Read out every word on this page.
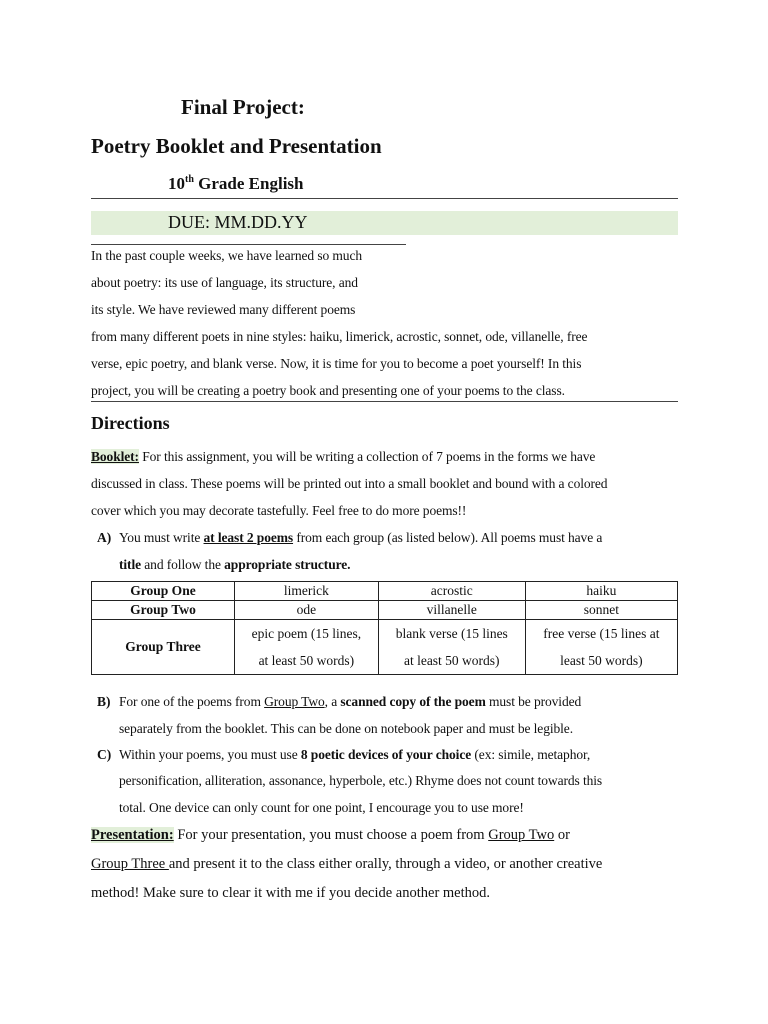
Final Project:
Poetry Booklet and Presentation
10th Grade English
DUE: MM.DD.YY
In the past couple weeks, we have learned so much
about poetry: its use of language, its structure, and
its style. We have reviewed many different poems
from many different poets in nine styles: haiku, limerick, acrostic, sonnet, ode, villanelle, free
verse, epic poetry, and blank verse. Now, it is time for you to become a poet yourself! In this
project, you will be creating a poetry book and presenting one of your poems to the class.
Directions
Booklet: For this assignment, you will be writing a collection of 7 poems in the forms we have
discussed in class. These poems will be printed out into a small booklet and bound with a colored
cover which you may decorate tastefully. Feel free to do more poems!!
A) You must write at least 2 poems from each group (as listed below). All poems must have a
title and follow the appropriate structure.
Group One	limerick	acrostic	haiku
Group Two	ode	villanelle	sonnet
Group Three	epic poem (15 lines,
at least 50 words)	blank verse (15 lines
at least 50 words)	free verse (15 lines at
least 50 words)
B) For one of the poems from Group Two, a scanned copy of the poem must be provided
separately from the booklet. This can be done on notebook paper and must be legible.
C) Within your poems, you must use 8 poetic devices of your choice (ex: simile, metaphor,
personification, alliteration, assonance, hyperbole, etc.) Rhyme does not count towards this
total. One device can only count for one point, I encourage you to use more!
Presentation: For your presentation, you must choose a poem from Group Two or
Group Three and present it to the class either orally, through a video, or another creative
method! Make sure to clear it with me if you decide another method.
